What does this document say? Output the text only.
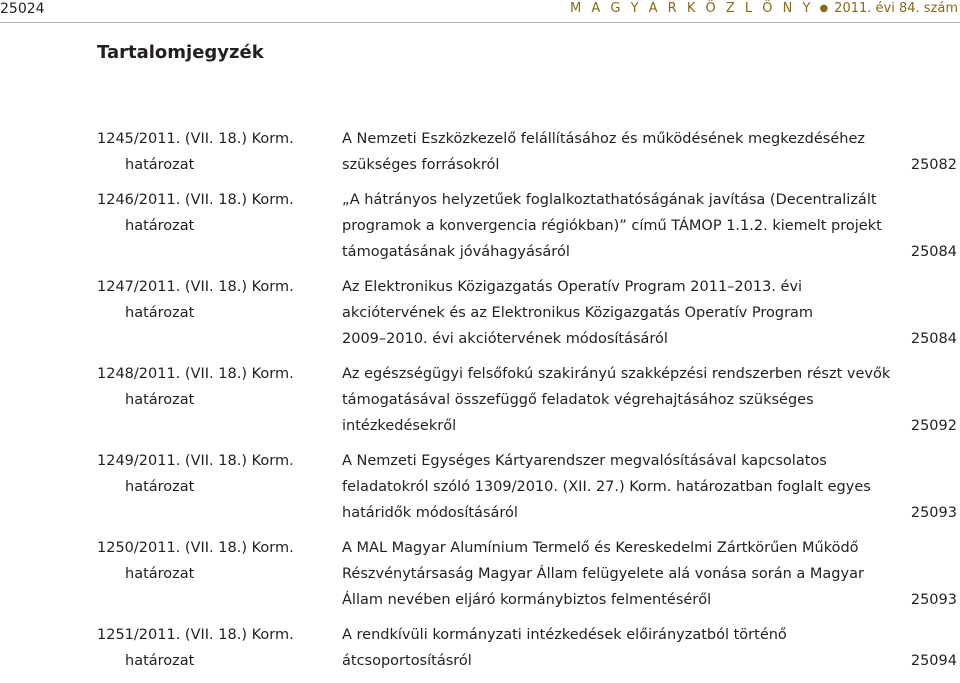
25024	M A G Y A R K Ö Z L Ö N Y ● 2011. évi 84. szám
Tartalomjegyzék
1245/2011. (VII. 18.) Korm.
határozat
A Nemzeti Eszközkezelő felállításához és működésének megkezdéséhez
szükséges forrásokról	25082
1246/2011. (VII. 18.) Korm.
határozat
„A hátrányos helyzetűek foglalkoztathatóságának javítása (Decentralizált
programok a konvergencia régiókban)” című TÁMOP 1.1.2. kiemelt projekt
támogatásának jóváhagyásáról	25084
1247/2011. (VII. 18.) Korm.
határozat
Az Elektronikus Közigazgatás Operatív Program 2011–2013. évi
akciótervének és az Elektronikus Közigazgatás Operatív Program
2009–2010. évi akciótervének módosításáról	25084
1248/2011. (VII. 18.) Korm.
határozat
Az egészségügyi felsőfokú szakirányú szakképzési rendszerben részt vevők
támogatásával összefüggő feladatok végrehajtásához szükséges
intézkedésekről	25092
1249/2011. (VII. 18.) Korm.
határozat
A Nemzeti Egységes Kártyarendszer megvalósításával kapcsolatos
feladatokról szóló 1309/2010. (XII. 27.) Korm. határozatban foglalt egyes
határidők módosításáról	25093
1250/2011. (VII. 18.) Korm.
határozat
A MAL Magyar Alumínium Termelő és Kereskedelmi Zártkörűen Működő
Részvénytársaság Magyar Állam felügyelete alá vonása során a Magyar
Állam nevében eljáró kormánybiztos felmentéséről	25093
1251/2011. (VII. 18.) Korm.
határozat
A rendkívüli kormányzati intézkedések előirányzatból történő
átcsoportosításról	25094
